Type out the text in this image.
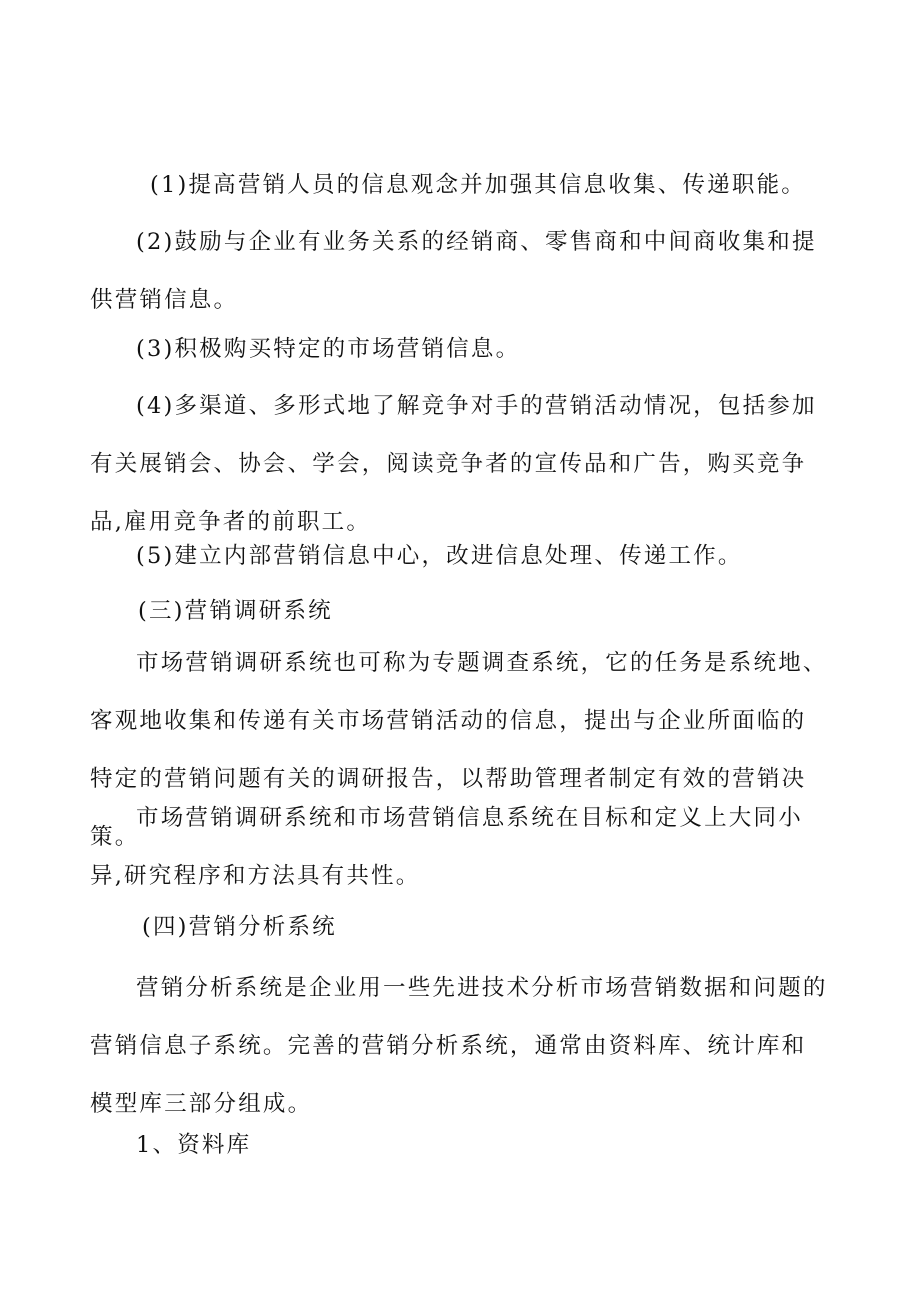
(1)提高营销人员的信息观念并加强其信息收集、传递职能。

(2)鼓励与企业有业务关系的经销商、零售商和中间商收集和提供营销信息。

(3)积极购买特定的市场营销信息。

(4)多渠道、多形式地了解竞争对手的营销活动情况，包括参加有关展销会、协会、学会，阅读竞争者的宣传品和广告，购买竞争品,雇用竞争者的前职工。

(5)建立内部营销信息中心，改进信息处理、传递工作。

(三)营销调研系统

市场营销调研系统也可称为专题调查系统，它的任务是系统地、客观地收集和传递有关市场营销活动的信息，提出与企业所面临的特定的营销问题有关的调研报告，以帮助管理者制定有效的营销决策。

市场营销调研系统和市场营销信息系统在目标和定义上大同小异,研究程序和方法具有共性。

(四)营销分析系统

营销分析系统是企业用一些先进技术分析市场营销数据和问题的营销信息子系统。完善的营销分析系统，通常由资料库、统计库和模型库三部分组成。

1、资料库
